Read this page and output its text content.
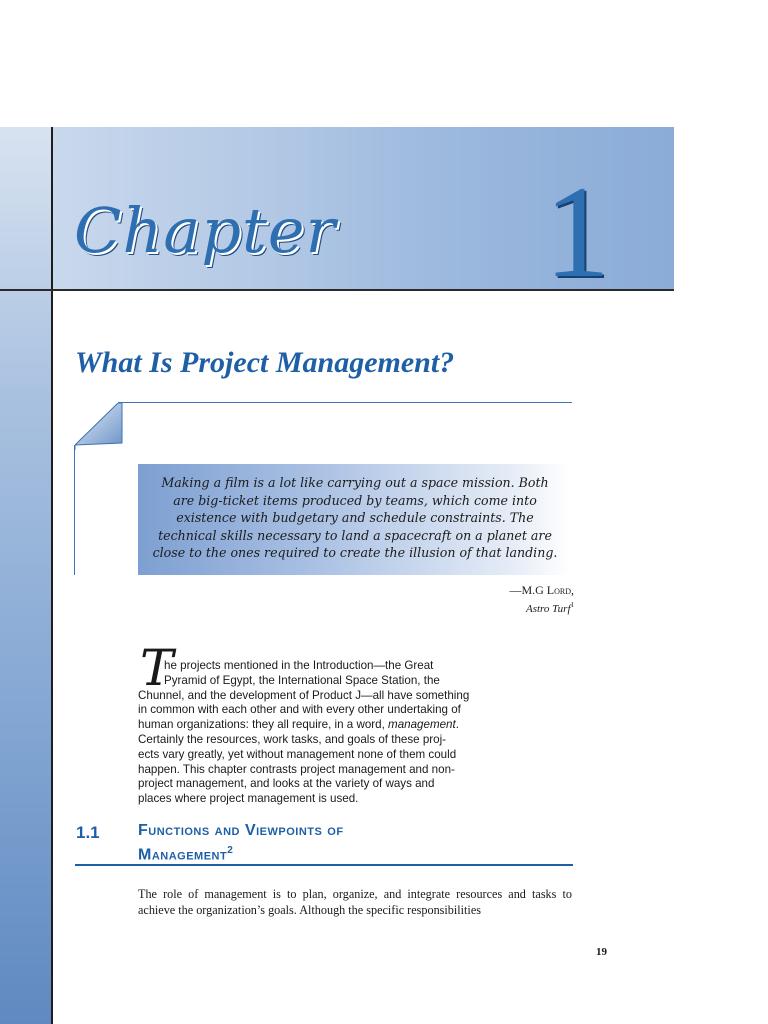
Chapter 1
What Is Project Management?
Making a film is a lot like carrying out a space mission. Both are big-ticket items produced by teams, which come into existence with budgetary and schedule constraints. The technical skills necessary to land a spacecraft on a planet are close to the ones required to create the illusion of that landing.
—M.G Lord,
Astro Turf$^1$
T
he projects mentioned in the Introduction—the Great
Pyramid of Egypt, the International Space Station, the
Chunnel, and the development of Product J—all have something
in common with each other and with every other undertaking of
human organizations: they all require, in a word, management.
Certainly the resources, work tasks, and goals of these proj-
ects vary greatly, yet without management none of them could
happen. This chapter contrasts project management and non-
project management, and looks at the variety of ways and
places where project management is used.
1.1 Functions and Viewpoints of
Management$^2$
The role of management is to plan, organize, and integrate resources and tasks to achieve the organization’s goals. Although the specific responsibilities
19
